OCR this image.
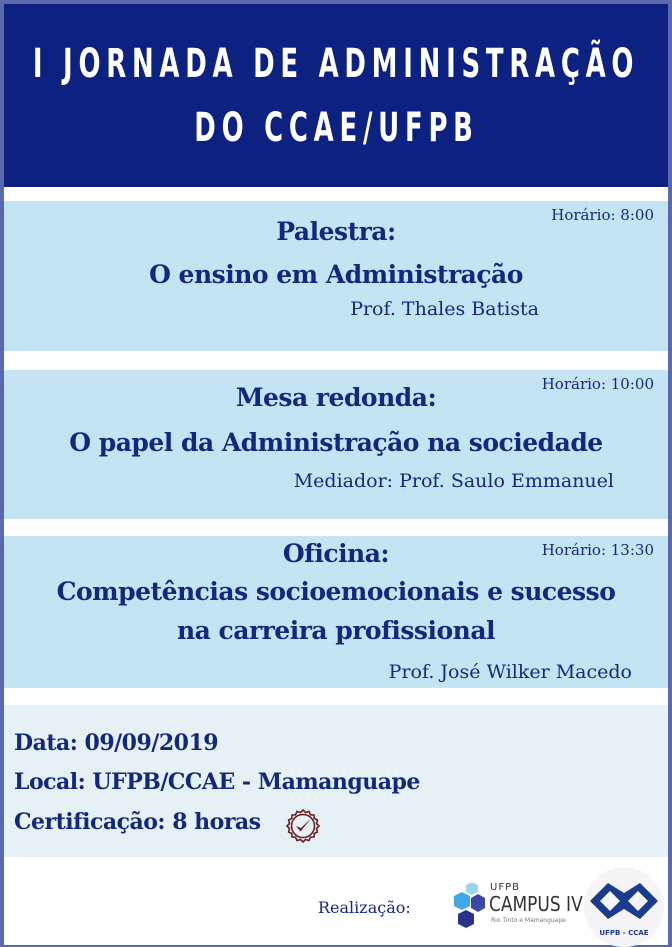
I JORNADA DE ADMINISTRAÇÃO
DO CCAE/UFPB
Horário: 8:00
Palestra:
O ensino em Administração
Prof. Thales Batista
Horário: 10:00
Mesa redonda:
O papel da Administração na sociedade
Mediador: Prof. Saulo Emmanuel
Horário: 13:30
Oficina:
Competências socioemocionais e sucesso
na carreira profissional
Prof. José Wilker Macedo
Data: 09/09/2019
Local: UFPB/CCAE - Mamanguape
Certificação: 8 horas
Realização:
UFPB
CAMPUS IV
Rio Tinto e Mamanguape
UFPB - CCAE
